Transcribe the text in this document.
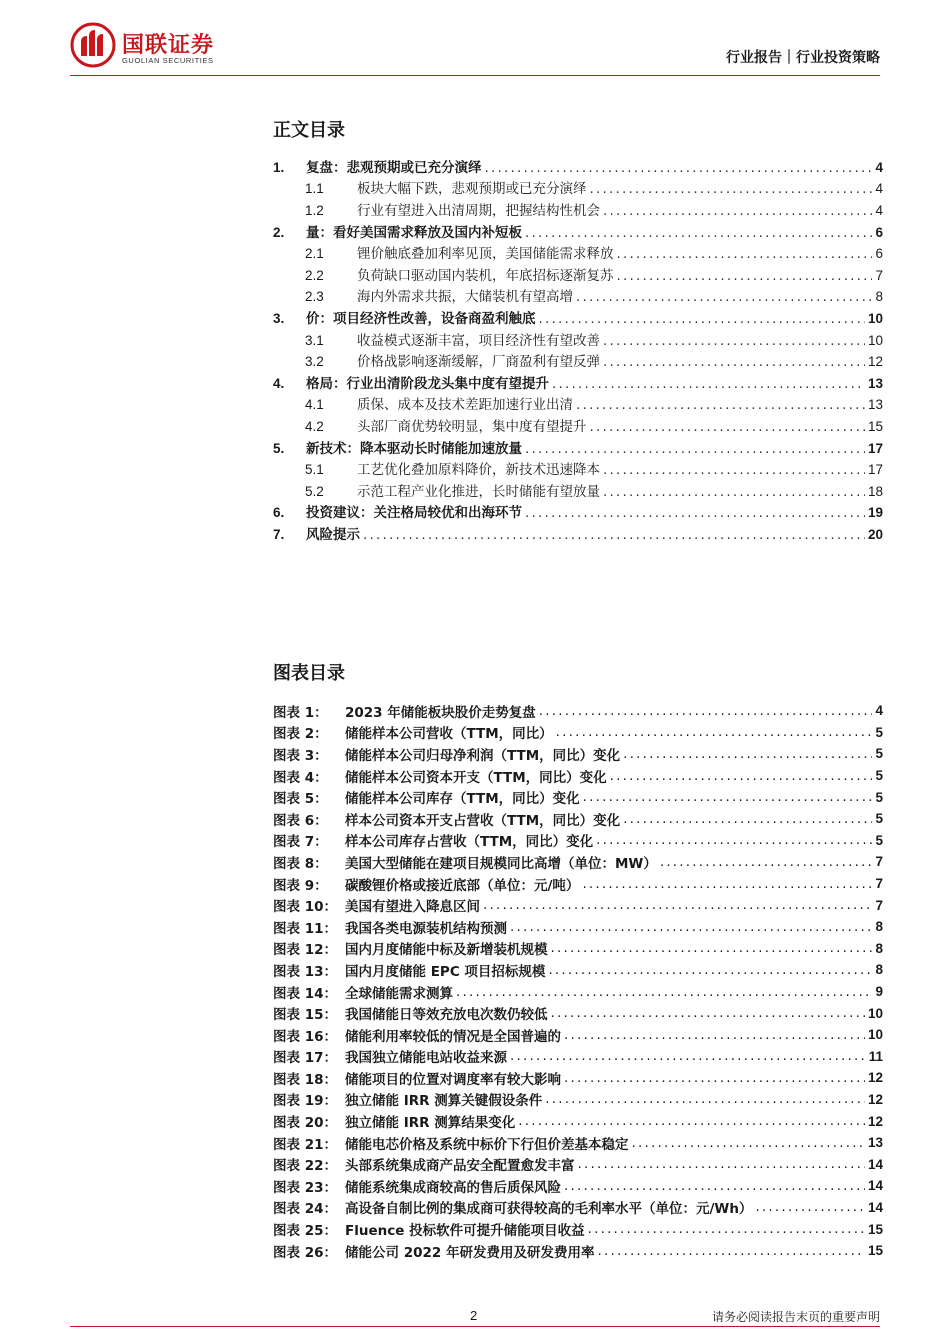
国联证券
GUOLIAN SECURITIES	行业报告｜行业投资策略
正文目录
1.	复盘：悲观预期或已充分演绎 .....	4
1.1	板块大幅下跌，悲观预期或已充分演绎 .....	4
1.2	行业有望进入出清周期，把握结构性机会 .....	4
2.	量：看好美国需求释放及国内补短板 .....	6
2.1	锂价触底叠加利率见顶，美国储能需求释放 .....	6
2.2	负荷缺口驱动国内装机，年底招标逐渐复苏 .....	7
2.3	海内外需求共振，大储装机有望高增 .....	8
3.	价：项目经济性改善，设备商盈利触底 .....	10
3.1	收益模式逐渐丰富，项目经济性有望改善 .....	10
3.2	价格战影响逐渐缓解，厂商盈利有望反弹 .....	12
4.	格局：行业出清阶段龙头集中度有望提升 .....	13
4.1	质保、成本及技术差距加速行业出清 .....	13
4.2	头部厂商优势较明显，集中度有望提升 .....	15
5.	新技术：降本驱动长时储能加速放量 .....	17
5.1	工艺优化叠加原料降价，新技术迅速降本 .....	17
5.2	示范工程产业化推进，长时储能有望放量 .....	18
6.	投资建议：关注格局较优和出海环节 .....	19
7.	风险提示 .....	20
图表目录
图表 1：	2023 年储能板块股价走势复盘 .....	4
图表 2：	储能样本公司营收（TTM，同比） .....	5
图表 3：	储能样本公司归母净利润（TTM，同比）变化 .....	5
图表 4：	储能样本公司资本开支（TTM，同比）变化 .....	5
图表 5：	储能样本公司库存（TTM，同比）变化 .....	5
图表 6：	样本公司资本开支占营收（TTM，同比）变化 .....	5
图表 7：	样本公司库存占营收（TTM，同比）变化 .....	5
图表 8：	美国大型储能在建项目规模同比高增（单位：MW） .....	7
图表 9：	碳酸锂价格或接近底部（单位：元/吨） .....	7
图表 10： 美国有望进入降息区间 .....	7
图表 11： 我国各类电源装机结构预测 .....	8
图表 12： 国内月度储能中标及新增装机规模 .....	8
图表 13： 国内月度储能 EPC 项目招标规模 .....	8
图表 14： 全球储能需求测算 .....	9
图表 15： 我国储能日等效充放电次数仍较低 .....	10
图表 16： 储能利用率较低的情况是全国普遍的 .....	10
图表 17： 我国独立储能电站收益来源 .....	11
图表 18： 储能项目的位置对调度率有较大影响 .....	12
图表 19： 独立储能 IRR 测算关键假设条件 .....	12
图表 20： 独立储能 IRR 测算结果变化 .....	12
图表 21： 储能电芯价格及系统中标价下行但价差基本稳定 .....	13
图表 22： 头部系统集成商产品安全配置愈发丰富 .....	14
图表 23： 储能系统集成商较高的售后质保风险 .....	14
图表 24： 高设备自制比例的集成商可获得较高的毛利率水平（单位：元/Wh） .....	14
图表 25： Fluence 投标软件可提升储能项目收益 .....	15
图表 26： 储能公司 2022 年研发费用及研发费用率 .....	15
2	请务必阅读报告末页的重要声明
